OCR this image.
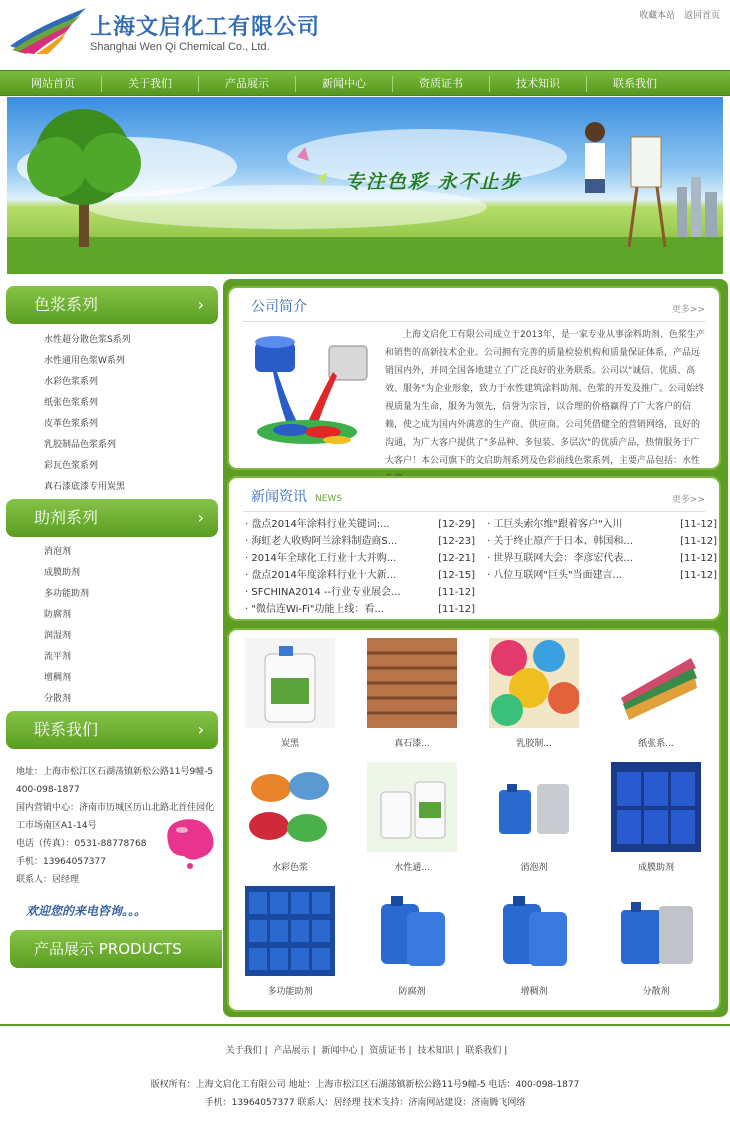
上海文启化工有限公司
Shanghai Wen Qi Chemical Co., Ltd.
收藏本站 返回首页
网站首页	关于我们	产品展示	新闻中心	资质证书	技术知识	联系我们
专注色彩 永不止步
色浆系列	›
水性超分散色浆S系列
水性通用色浆W系列
水彩色浆系列
纸张色浆系列
皮革色浆系列
乳胶制品色浆系列
彩瓦色浆系列
真石漆底漆专用炭黑
助剂系列	›
消泡剂
成膜助剂
多功能助剂
防腐剂
润湿剂
流平剂
增稠剂
分散剂
联系我们	›
地址：上海市松江区石湖荡镇新松公路11号9幢-5
400-098-1877
国内营销中心：济南市历城区历山北路北首佳园化
工市场南区A1-14号
电话（传真）：0531-88778768
手机：13964057377
联系人：居经理
欢迎您的来电咨询。。。
产品展示 PRODUCTS
公司简介	更多>>
上海文启化工有限公司成立于2013年，是一家专业从事涂料助剂、色浆生产和销售的高新技术企业。公司拥有完善的质量检验机构和质量保证体系，产品远销国内外，并同全国各地建立了广泛良好的业务联系。公司以"诚信、优质、高效、服务"为企业形象，致力于水性建筑涂料助剂、色浆的开发及推广。公司始终视质量为生命，服务为领先，信誉为宗旨，以合理的价格赢得了广大客户的信赖，使之成为国内外满意的生产商、供应商。公司凭借健全的营销网络，良好的沟通，为广大客户提供了"多品种、多包装、多层次"的优质产品，热情服务于广大客户！本公司旗下的文启助剂系列及色彩前线色浆系列，主要产品包括：水性
新闻资讯 NEWS	更多>>
· 盘点2014年涂料行业关键词:...	[12-29]
· 海虹老人收购阿兰涂料制造商S...	[12-23]
· 2014年全球化工行业十大并购...	[12-21]
· 盘点2014年度涂料行业十大新...	[12-15]
· SFCHINA2014 --行业专业展会...	[11-12]
· "微信连Wi-Fi"功能上线：看...	[11-12]
· 工巨头索尔维"跟着客户"入川	[11-12]
· 关于终止原产于日本、韩国和...	[11-12]
· 世界互联网大会：李彦宏代表...	[11-12]
· 八位互联网"巨头"当面建言...	[11-12]
炭黑	真石漆...	乳胶制...	纸张系...
水彩色浆	水性通...	消泡剂	成膜助剂
多功能助剂	防腐剂	增稠剂	分散剂
关于我们 | 产品展示 | 新闻中心 | 资质证书 | 技术知识 | 联系我们 |
版权所有：上海文启化工有限公司 地址：上海市松江区石湖荡镇新松公路11号9幢-5 电话：400-098-1877
手机：13964057377 联系人：居经理 技术支持：济南网站建设：济南腾飞网络
